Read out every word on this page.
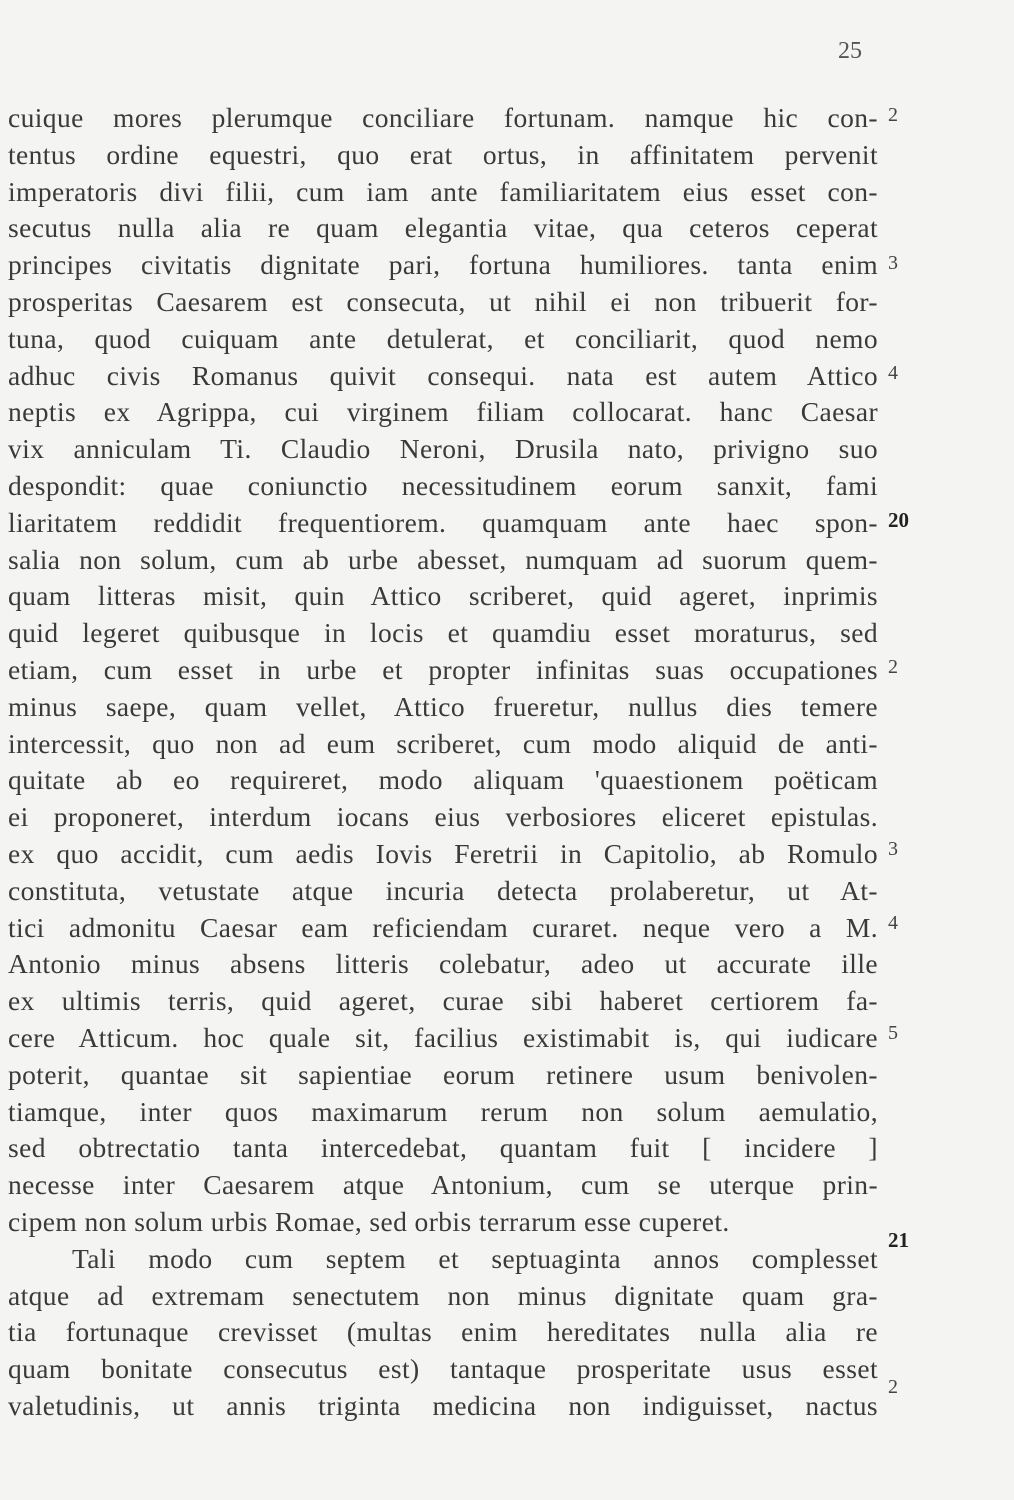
25
cuique mores plerumque conciliare fortunam. namque hic con-
tentus ordine equestri, quo erat ortus, in affinitatem pervenit
imperatoris divi filii, cum iam ante familiaritatem eius esset con-
secutus nulla alia re quam elegantia vitae, qua ceteros ceperat
principes civitatis dignitate pari, fortuna humiliores. tanta enim
prosperitas Caesarem est consecuta, ut nihil ei non tribuerit for-
tuna, quod cuiquam ante detulerat, et conciliarit, quod nemo
adhuc civis Romanus quivit consequi. nata est autem Attico
neptis ex Agrippa, cui virginem filiam collocarat. hanc Caesar
vix anniculam Ti. Claudio Neroni, Drusila nato, privigno suo
despondit: quae coniunctio necessitudinem eorum sanxit, fami
liaritatem reddidit frequentiorem. quamquam ante haec spon-
salia non solum, cum ab urbe abesset, numquam ad suorum quem-
quam litteras misit, quin Attico scriberet, quid ageret, inprimis
quid legeret quibusque in locis et quamdiu esset moraturus, sed
etiam, cum esset in urbe et propter infinitas suas occupationes
minus saepe, quam vellet, Attico frueretur, nullus dies temere
intercessit, quo non ad eum scriberet, cum modo aliquid de anti-
quitate ab eo requireret, modo aliquam 'quaestionem poëticam
ei proponeret, interdum iocans eius verbosiores eliceret epistulas.
ex quo accidit, cum aedis Iovis Feretrii in Capitolio, ab Romulo
constituta, vetustate atque incuria detecta prolaberetur, ut At-
tici admonitu Caesar eam reficiendam curaret. neque vero a M.
Antonio minus absens litteris colebatur, adeo ut accurate ille
ex ultimis terris, quid ageret, curae sibi haberet certiorem fa-
cere Atticum. hoc quale sit, facilius existimabit is, qui iudicare
poterit, quantae sit sapientiae eorum retinere usum benivolen-
tiamque, inter quos maximarum rerum non solum aemulatio,
sed obtrectatio tanta intercedebat, quantam fuit [ incidere ]
necesse inter Caesarem atque Antonium, cum se uterque prin-
cipem non solum urbis Romae, sed orbis terrarum esse cuperet.
Tali modo cum septem et septuaginta annos complesset
atque ad extremam senectutem non minus dignitate quam gra-
tia fortunaque crevisset (multas enim hereditates nulla alia re
quam bonitate consecutus est) tantaque prosperitate usus esset
valetudinis, ut annis triginta medicina non indiguisset, nactus
2
3
4
20
2
3
4
5
21
2
